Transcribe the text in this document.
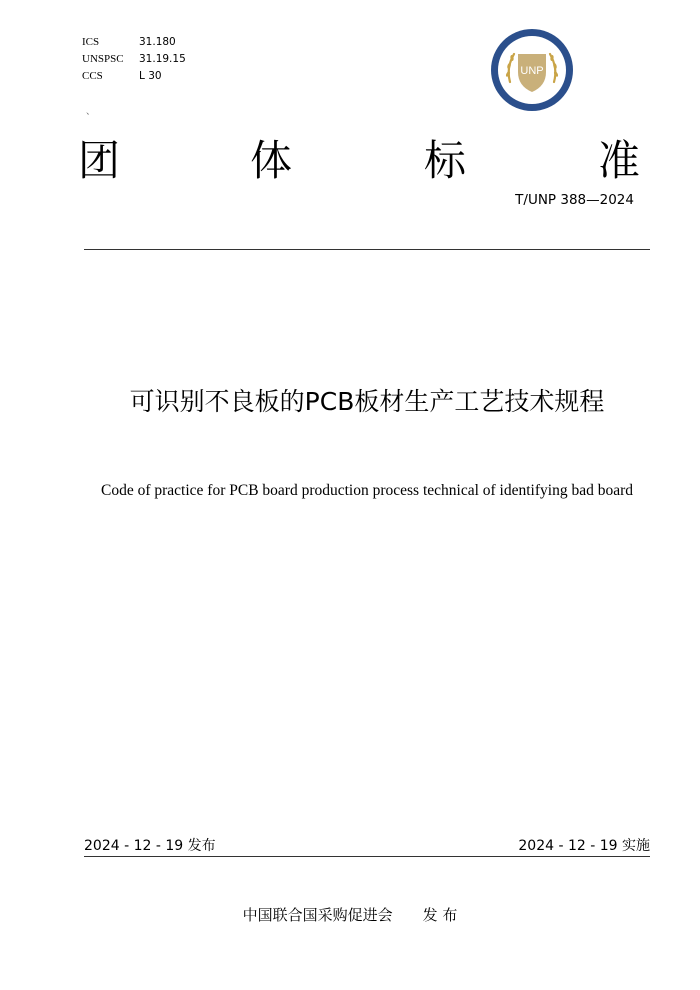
ICS	31.180
UNSPSC	31.19.15
CCS	L 30
、
UNP
团	体	标	准
T/UNP 388—2024
可识别不良板的PCB板材生产工艺技术规程
Code of practice for PCB board production process technical of identifying bad board
2024 - 12 - 19 发布	2024 - 12 - 19 实施
中国联合国采购促进会 发 布
